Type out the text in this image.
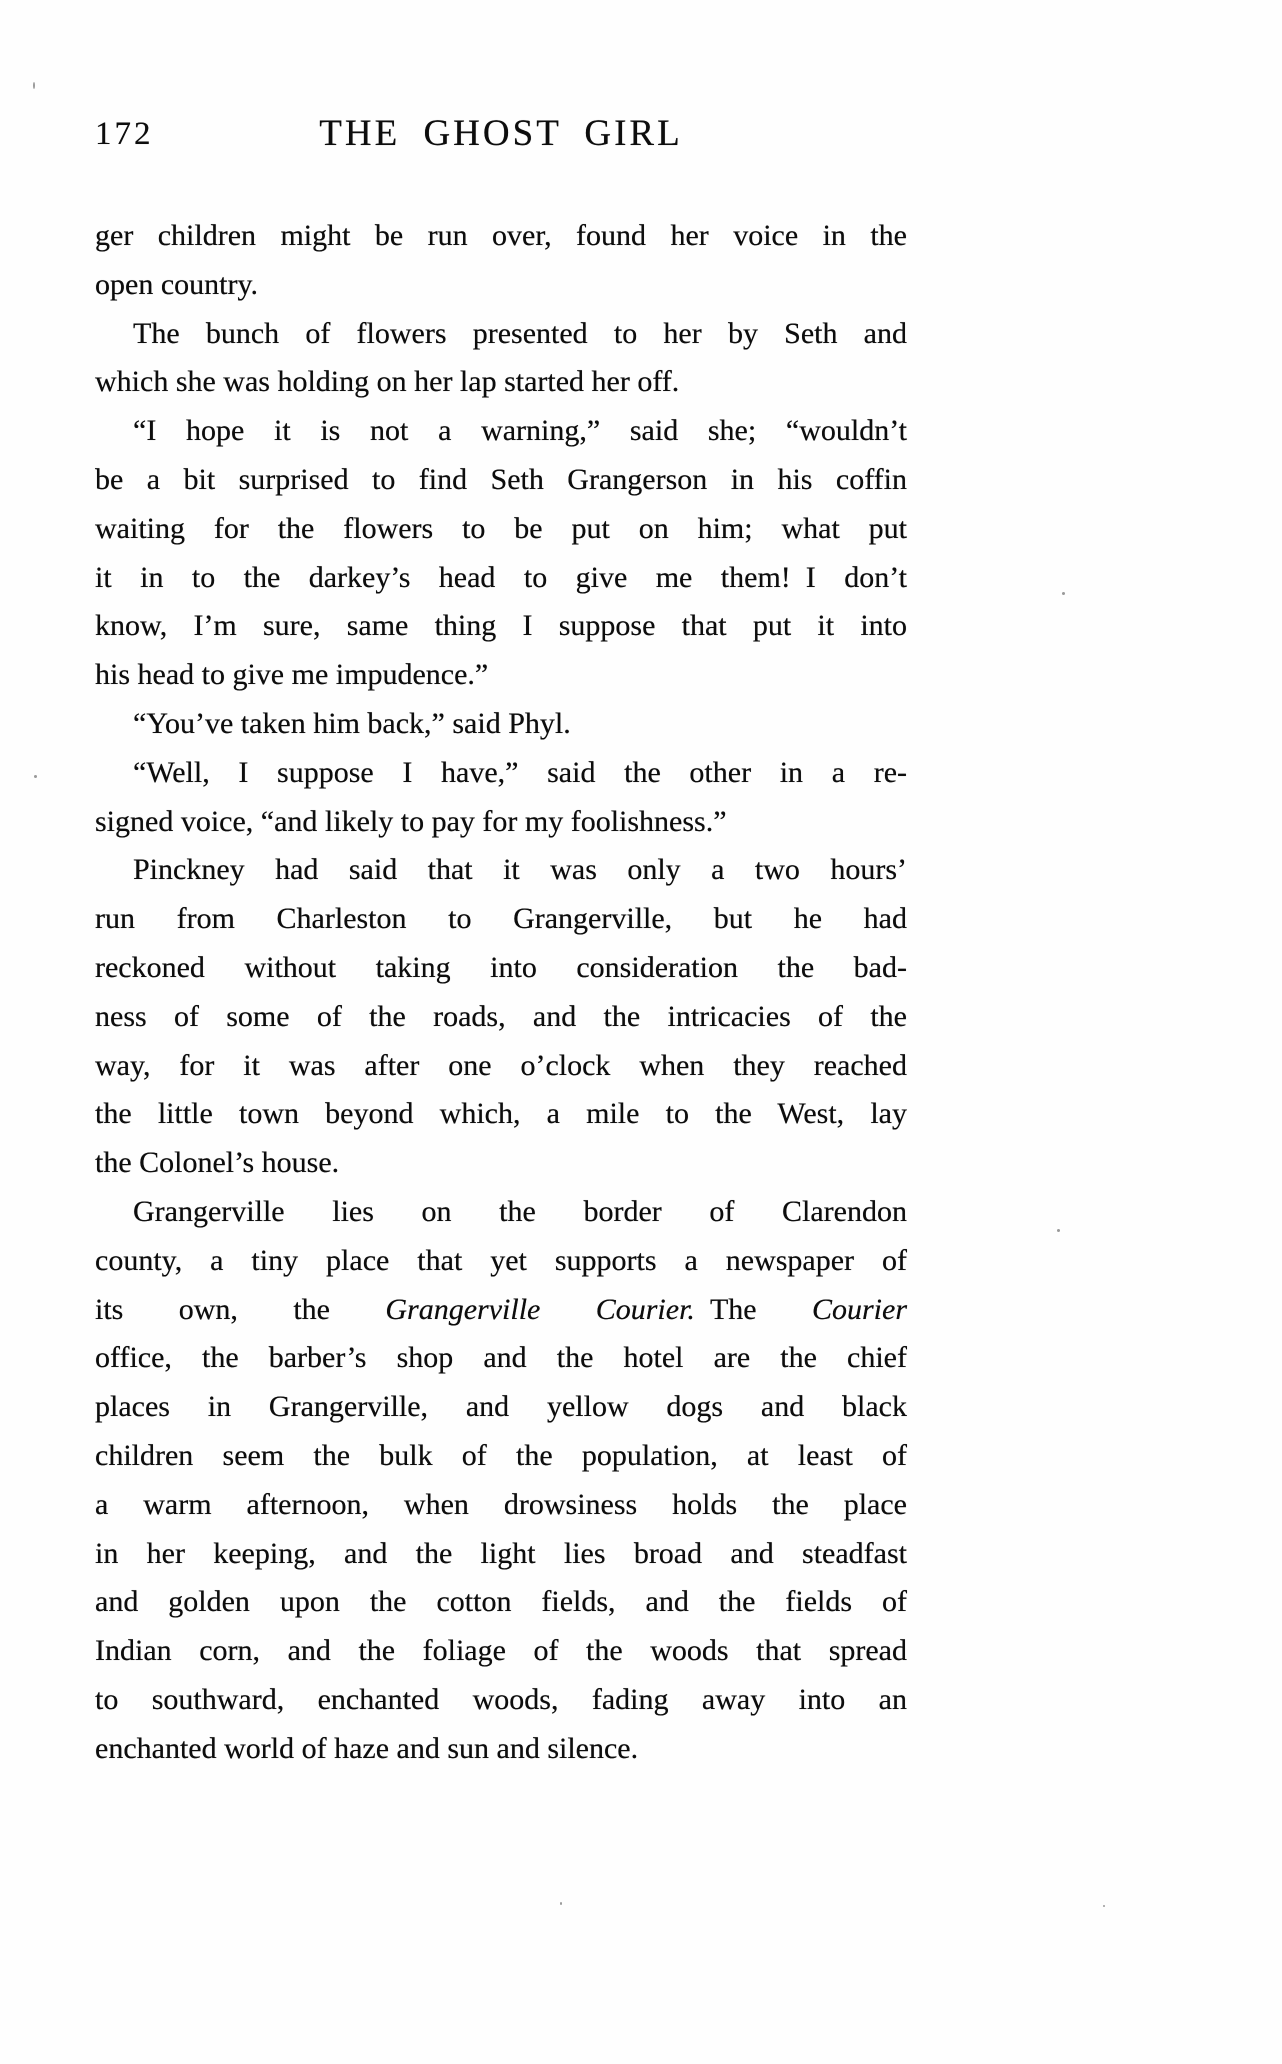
172	THE GHOST GIRL
ger children might be run over, found her voice in the
open country.
The bunch of flowers presented to her by Seth and
which she was holding on her lap started her off.
“I hope it is not a warning,” said she; “wouldn’t
be a bit surprised to find Seth Grangerson in his coffin
waiting for the flowers to be put on him; what put
it in to the darkey’s head to give me them! I don’t
know, I’m sure, same thing I suppose that put it into
his head to give me impudence.”
“You’ve taken him back,” said Phyl.
“Well, I suppose I have,” said the other in a re-
signed voice, “and likely to pay for my foolishness.”
Pinckney had said that it was only a two hours’
run from Charleston to Grangerville, but he had
reckoned without taking into consideration the bad-
ness of some of the roads, and the intricacies of the
way, for it was after one o’clock when they reached
the little town beyond which, a mile to the West, lay
the Colonel’s house.
Grangerville lies on the border of Clarendon
county, a tiny place that yet supports a newspaper of
its own, the Grangerville Courier. The Courier
office, the barber’s shop and the hotel are the chief
places in Grangerville, and yellow dogs and black
children seem the bulk of the population, at least of
a warm afternoon, when drowsiness holds the place
in her keeping, and the light lies broad and steadfast
and golden upon the cotton fields, and the fields of
Indian corn, and the foliage of the woods that spread
to southward, enchanted woods, fading away into an
enchanted world of haze and sun and silence.
